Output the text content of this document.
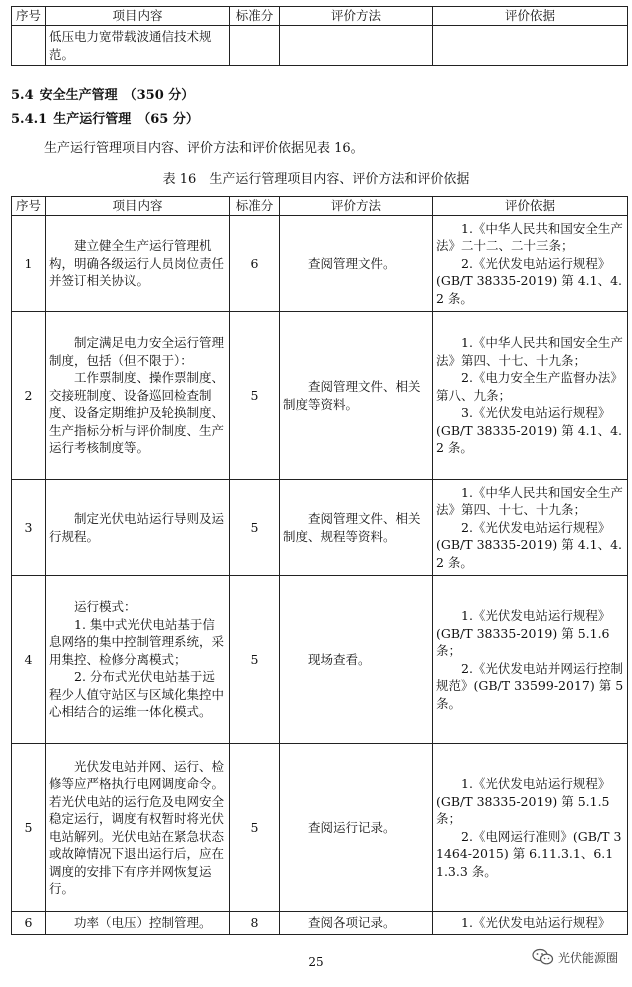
序号	项目内容	标准分	评价方法	评价依据
	低压电力宽带载波通信技术规范。			
5.4 安全生产管理 （350 分）
5.4.1 生产运行管理 （65 分）
生产运行管理项目内容、评价方法和评价依据见表 16。
表 16　生产运行管理项目内容、评价方法和评价依据
序号	项目内容	标准分	评价方法	评价依据
1	　　建立健全生产运行管理机构，明确各级运行人员岗位责任并签订相关协议。	6	　　查阅管理文件。	　　1.《中华人民共和国安全生产法》二十二、二十三条；
　　2.《光伏发电站运行规程》(GB/T 38335-2019) 第 4.1、4.2 条。
2	　　制定满足电力安全运行管理制度，包括（但不限于）：
　　工作票制度、操作票制度、交接班制度、设备巡回检查制度、设备定期维护及轮换制度、生产指标分析与评价制度、生产运行考核制度等。	5	　　查阅管理文件、相关制度等资料。	　　1.《中华人民共和国安全生产法》第四、十七、十九条；
　　2.《电力安全生产监督办法》第八、九条；
　　3.《光伏发电站运行规程》(GB/T 38335-2019) 第 4.1、4.2 条。
3	　　制定光伏电站运行导则及运行规程。	5	　　查阅管理文件、相关制度、规程等资料。	　　1.《中华人民共和国安全生产法》第四、十七、十九条；
　　2.《光伏发电站运行规程》(GB/T 38335-2019) 第 4.1、4.2 条。
4	　　运行模式：
　　1. 集中式光伏电站基于信息网络的集中控制管理系统，采用集控、检修分离模式；
　　2. 分布式光伏电站基于远程少人值守站区与区域化集控中心相结合的运维一体化模式。	5	　　现场查看。	　　1.《光伏发电站运行规程》(GB/T 38335-2019) 第 5.1.6 条；
　　2.《光伏发电站并网运行控制规范》(GB/T 33599-2017) 第 5 条。
5	　　光伏发电站并网、运行、检修等应严格执行电网调度命令。若光伏电站的运行危及电网安全稳定运行，调度有权暂时将光伏电站解列。光伏电站在紧急状态或故障情况下退出运行后，应在调度的安排下有序并网恢复运行。	5	　　查阅运行记录。	　　1.《光伏发电站运行规程》(GB/T 38335-2019) 第 5.1.5 条；
　　2.《电网运行准则》(GB/T 31464-2015) 第 6.11.3.1、6.11.3.3 条。
6	　　功率（电压）控制管理。	8	　　查阅各项记录。	　　1.《光伏发电站运行规程》
25	光伏能源圈
